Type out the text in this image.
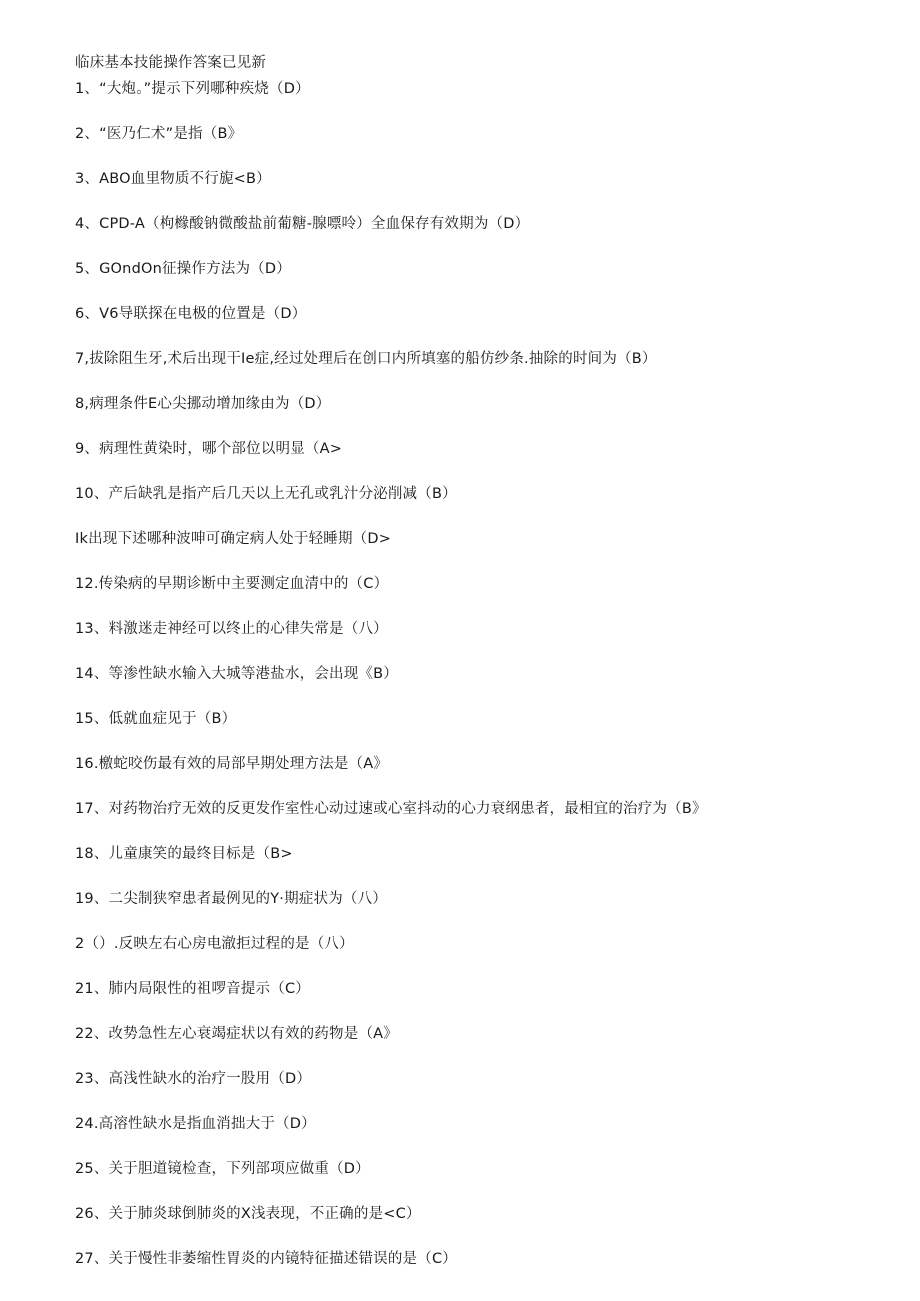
临床基本技能操作答案已见新
1、“大炮。”提示下列哪种疾烧（D）
2、“医乃仁术”是指（B》
3、ABO血里物质不行旎<B）
4、CPD-A（枸橼酸钠微酸盐前葡糖-腺嘌呤）全血保存有效期为（D）
5、GOndOn征操作方法为（D）
6、V6导联探在电极的位置是（D）
7,拔除阻生牙,术后出现干Ie症,经过处理后在创口内所填塞的船仿纱条.抽除的时间为（B）
8,病理条件E心尖挪动增加缘由为（D）
9、病理性黄染时，哪个部位以明显（A>
10、产后缺乳是指产后几天以上无孔或乳汁分泌削减（B）
Ik出现下述哪种波呻可确定病人处于轻睡期（D>
12.传染病的早期诊断中主要测定血清中的（C）
13、料激迷走神经可以终止的心律失常是（八）
14、等渗性缺水输入大城等港盐水，会出现《B）
15、低就血症见于（B）
16.檄蛇咬伤最有效的局部早期处理方法是（A》
17、对药物治疗无效的反更发作室性心动过速或心室抖动的心力衰纲患者，最相宜的治疗为（B》
18、儿童康笑的最终目标是（B>
19、二尖制狭窄患者最例见的Y·期症状为（八）
2（）.反映左右心房电澈拒过程的是（八）
21、肺内局限性的祖啰音提示（C）
22、改势急性左心衰竭症状以有效的药物是（A》
23、高浅性缺水的治疗一股用（D）
24.高溶性缺水是指血消拙大于（D）
25、关于胆道镜检查，下列部项应做重（D）
26、关于肺炎球倒肺炎的X浅表现，不正确的是<C）
27、关于慢性非萎缩性胃炎的内镜特征描述错误的是（C）
